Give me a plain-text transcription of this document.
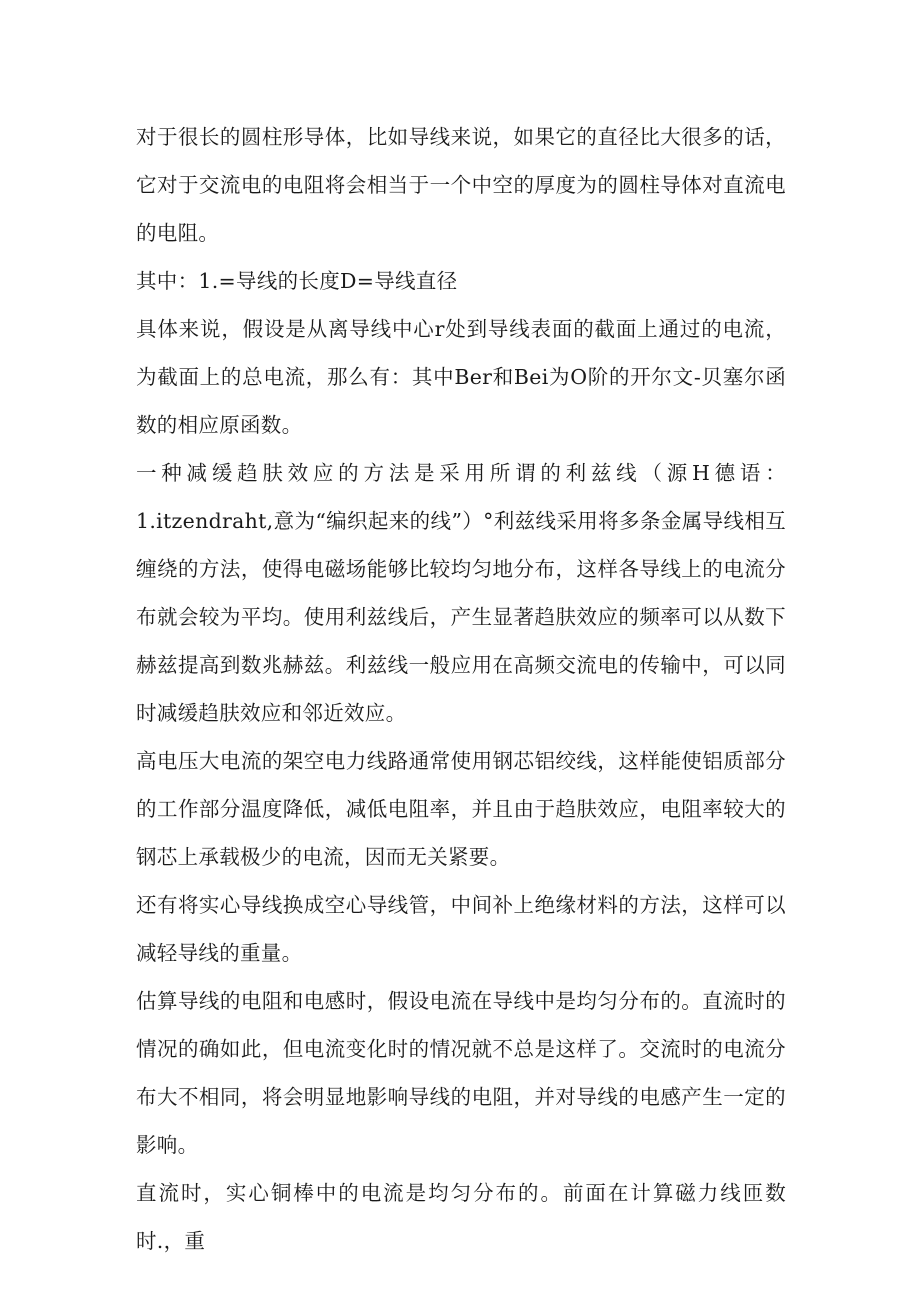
对于很长的圆柱形导体，比如导线来说，如果它的直径比大很多的话，它对于交流电的电阻将会相当于一个中空的厚度为的圆柱导体对直流电的电阻。

其中：1.=导线的长度D=导线直径

具体来说，假设是从离导线中心r处到导线表面的截面上通过的电流，为截面上的总电流，那么有：其中Ber和Bei为O阶的开尔文-贝塞尔函数的相应原函数。

一种减缓趋肤效应的方法是采用所谓的利兹线（源H德语：1.itzendraht,意为“编织起来的线”）°利兹线采用将多条金属导线相互缠绕的方法，使得电磁场能够比较均匀地分布，这样各导线上的电流分布就会较为平均。使用利兹线后，产生显著趋肤效应的频率可以从数下赫兹提高到数兆赫兹。利兹线一般应用在高频交流电的传输中，可以同时减缓趋肤效应和邻近效应。

高电压大电流的架空电力线路通常使用钢芯铝绞线，这样能使铝质部分的工作部分温度降低，减低电阻率，并且由于趋肤效应，电阻率较大的钢芯上承载极少的电流，因而无关紧要。

还有将实心导线换成空心导线管，中间补上绝缘材料的方法，这样可以减轻导线的重量。

估算导线的电阻和电感时，假设电流在导线中是均匀分布的。直流时的情况的确如此，但电流变化时的情况就不总是这样了。交流时的电流分布大不相同，将会明显地影响导线的电阻，并对导线的电感产生一定的影响。

直流时，实心铜棒中的电流是均匀分布的。前面在计算磁力线匝数时.，重
